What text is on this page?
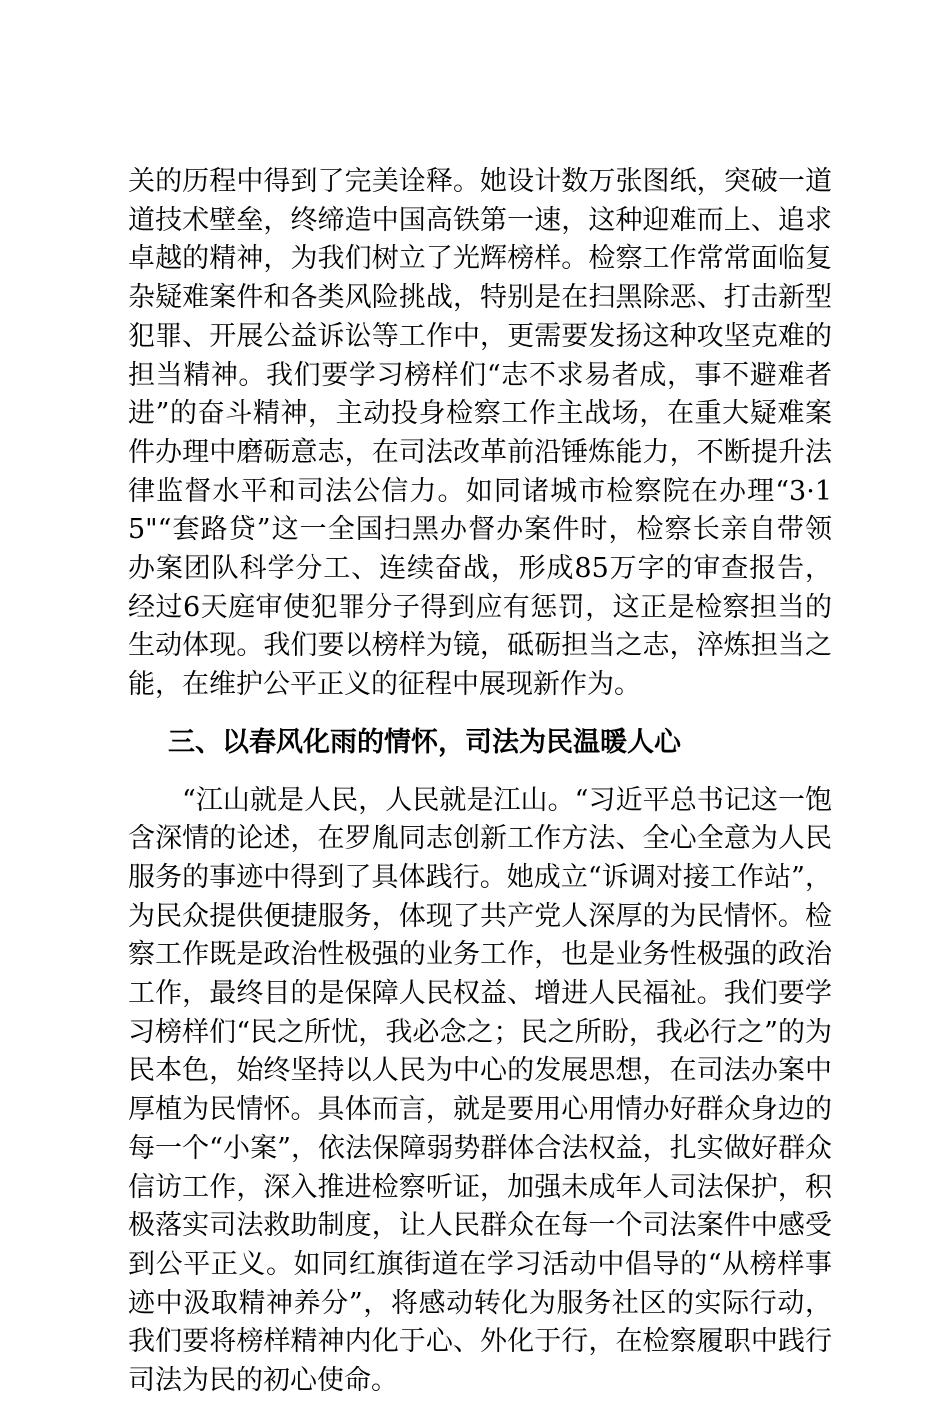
关的历程中得到了完美诠释。她设计数万张图纸，突破一道道技术壁垒，终缔造中国高铁第一速，这种迎难而上、追求卓越的精神，为我们树立了光辉榜样。检察工作常常面临复杂疑难案件和各类风险挑战，特别是在扫黑除恶、打击新型犯罪、开展公益诉讼等工作中，更需要发扬这种攻坚克难的担当精神。我们要学习榜样们“志不求易者成，事不避难者进”的奋斗精神，主动投身检察工作主战场，在重大疑难案件办理中磨砺意志，在司法改革前沿锤炼能力，不断提升法律监督水平和司法公信力。如同诸城市检察院在办理“3·15"“套路贷”这一全国扫黑办督办案件时，检察长亲自带领办案团队科学分工、连续奋战，形成85万字的审查报告，经过6天庭审使犯罪分子得到应有惩罚，这正是检察担当的生动体现。我们要以榜样为镜，砥砺担当之志，淬炼担当之能，在维护公平正义的征程中展现新作为。

三、以春风化雨的情怀，司法为民温暖人心

“江山就是人民，人民就是江山。“习近平总书记这一饱含深情的论述，在罗胤同志创新工作方法、全心全意为人民服务的事迹中得到了具体践行。她成立“诉调对接工作站”，为民众提供便捷服务，体现了共产党人深厚的为民情怀。检察工作既是政治性极强的业务工作，也是业务性极强的政治工作，最终目的是保障人民权益、增进人民福祉。我们要学习榜样们“民之所忧，我必念之；民之所盼，我必行之”的为民本色，始终坚持以人民为中心的发展思想，在司法办案中厚植为民情怀。具体而言，就是要用心用情办好群众身边的每一个“小案”，依法保障弱势群体合法权益，扎实做好群众信访工作，深入推进检察听证，加强未成年人司法保护，积极落实司法救助制度，让人民群众在每一个司法案件中感受到公平正义。如同红旗街道在学习活动中倡导的“从榜样事迹中汲取精神养分”，将感动转化为服务社区的实际行动，我们要将榜样精神内化于心、外化于行，在检察履职中践行司法为民的初心使命。
